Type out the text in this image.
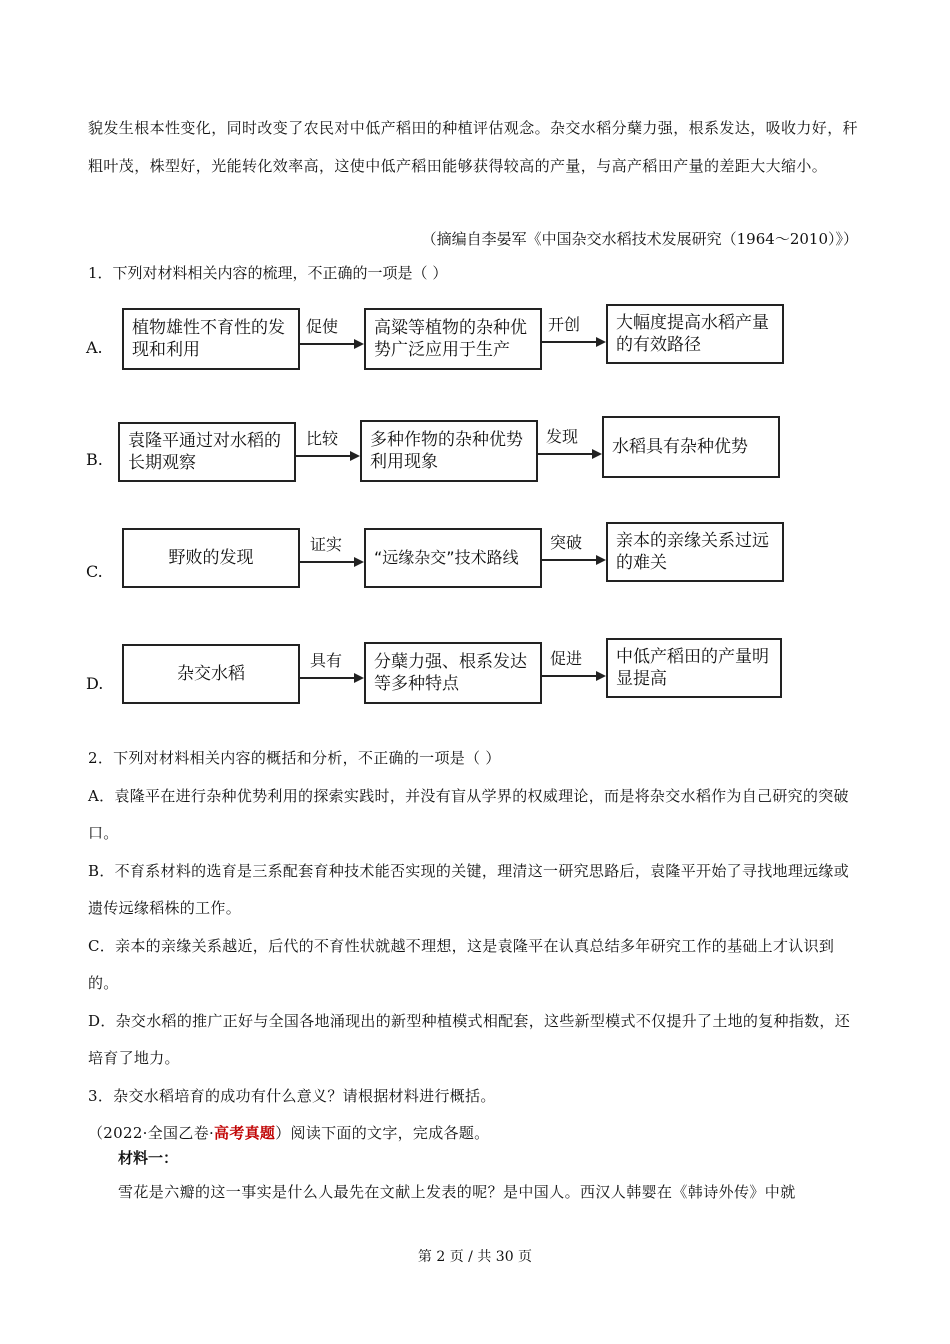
貌发生根本性变化，同时改变了农民对中低产稻田的种植评估观念。杂交水稻分蘖力强，根系发达，吸收力好，秆粗叶茂，株型好，光能转化效率高，这使中低产稻田能够获得较高的产量，与高产稻田产量的差距大大缩小。
（摘编自李晏军《中国杂交水稻技术发展研究（1964～2010）》）
1．下列对材料相关内容的梳理，不正确的一项是（ ）
A.
植物雄性不育性的发现和利用
促使	高粱等植物的杂种优势广泛应用于生产
开创	大幅度提高水稻产量的有效路径
B.
袁隆平通过对水稻的长期观察
比较	多种作物的杂种优势利用现象
发现
水稻具有杂种优势
C.
野败的发现
证实
“远缘杂交”技术路线
突破	亲本的亲缘关系过远的难关
D.	杂交水稻
具有	分蘖力强、根系发达等多种特点
促进	中低产稻田的产量明显提高

2．下列对材料相关内容的概括和分析，不正确的一项是（ ）

A．袁隆平在进行杂种优势利用的探索实践时，并没有盲从学界的权威理论，而是将杂交水稻作为自己研究的突破口。

B．不育系材料的选育是三系配套育种技术能否实现的关键，理清这一研究思路后，袁隆平开始了寻找地理远缘或遗传远缘稻株的工作。

C．亲本的亲缘关系越近，后代的不育性状就越不理想，这是袁隆平在认真总结多年研究工作的基础上才认识到的。

D．杂交水稻的推广正好与全国各地涌现出的新型种植模式相配套，这些新型模式不仅提升了土地的复种指数，还培育了地力。

3．杂交水稻培育的成功有什么意义？请根据材料进行概括。

（2022·全国乙卷·高考真题）阅读下面的文字，完成各题。

材料一：
雪花是六瓣的这一事实是什么人最先在文献上发表的呢？是中国人。西汉人韩婴在《韩诗外传》中就
第 2 页 / 共 30 页
